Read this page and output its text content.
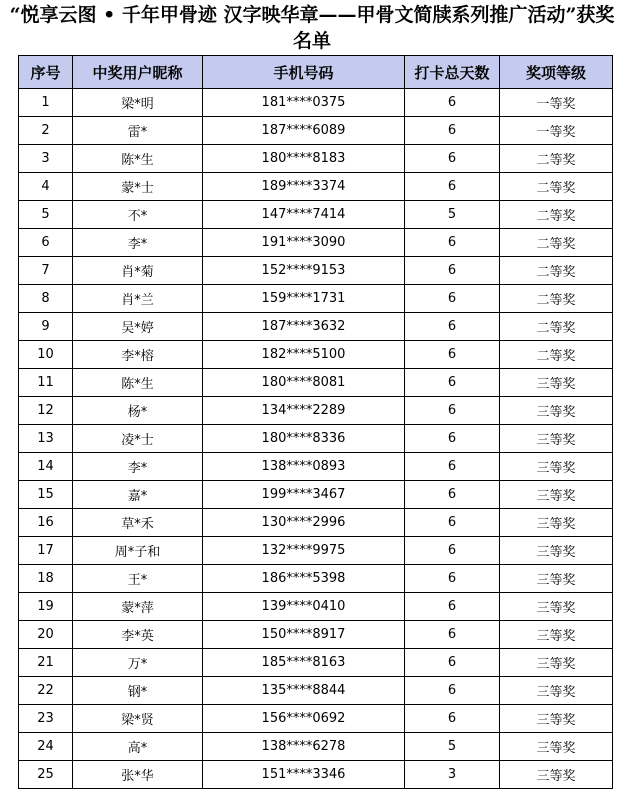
“悦享云图 • 千年甲骨迹 汉字映华章——甲骨文简牍系列推广活动”获奖名单
序号	中奖用户昵称	手机号码	打卡总天数	奖项等级
1	梁*明	181****0375	6	一等奖
2	雷*	187****6089	6	一等奖
3	陈*生	180****8183	6	二等奖
4	蒙*士	189****3374	6	二等奖
5	不*	147****7414	5	二等奖
6	李*	191****3090	6	二等奖
7	肖*菊	152****9153	6	二等奖
8	肖*兰	159****1731	6	二等奖
9	吴*婷	187****3632	6	二等奖
10	李*榕	182****5100	6	二等奖
11	陈*生	180****8081	6	三等奖
12	杨*	134****2289	6	三等奖
13	凌*士	180****8336	6	三等奖
14	李*	138****0893	6	三等奖
15	嘉*	199****3467	6	三等奖
16	草*禾	130****2996	6	三等奖
17	周*子和	132****9975	6	三等奖
18	王*	186****5398	6	三等奖
19	蒙*萍	139****0410	6	三等奖
20	李*英	150****8917	6	三等奖
21	万*	185****8163	6	三等奖
22	钢*	135****8844	6	三等奖
23	梁*贤	156****0692	6	三等奖
24	高*	138****6278	5	三等奖
25	张*华	151****3346	3	三等奖
